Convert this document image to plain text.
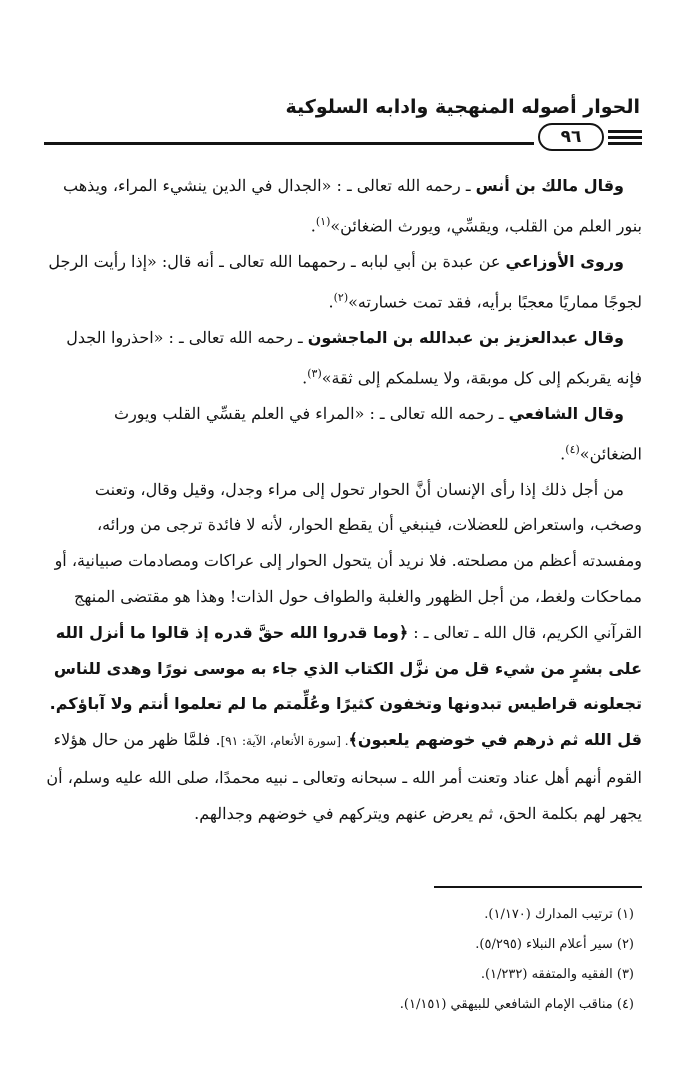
الحوار أصوله المنهجية وادابه السلوكية
٩٦

وقال مالك بن أنس ـ رحمه الله تعالى ـ : «الجدال في الدين ينشيء المراء، ويذهب بنور العلم من القلب، ويقسِّي، ويورث الضغائن»$^{(١)}$.

وروى الأوزاعي عن عبدة بن أبي لبابه ـ رحمهما الله تعالى ـ أنه قال: «إذا رأيت الرجل لجوجًا مماريًا معجبًا برأيه، فقد تمت خسارته»$^{(٢)}$.

وقال عبدالعزيز بن عبدالله بن الماجشون ـ رحمه الله تعالى ـ : «احذروا الجدل فإنه يقربكم إلى كل موبقة، ولا يسلمكم إلى ثقة»$^{(٣)}$.

وقال الشافعي ـ رحمه الله تعالى ـ : «المراء في العلم يقسِّي القلب ويورث الضغائن»$^{(٤)}$.

من أجل ذلك إذا رأى الإنسان أنَّ الحوار تحول إلى مراء وجدل، وقيل وقال، وتعنت وصخب، واستعراض للعضلات، فينبغي أن يقطع الحوار، لأنه لا فائدة ترجى من ورائه، ومفسدته أعظم من مصلحته. فلا نريد أن يتحول الحوار إلى عراكات ومصادمات صبيانية، أو مماحكات ولغط، من أجل الظهور والغلبة والطواف حول الذات! وهذا هو مقتضى المنهج القرآني الكريم، قال الله ـ تعالى ـ : ﴿وما قدروا الله حقَّ قدره إذ قالوا ما أنزل الله على بشرٍ من شيء قل من نزَّل الكتاب الذي جاء به موسى نورًا وهدى للناس تجعلونه قراطيس تبدونها وتخفون كثيرًا وعُلِّمتم ما لم تعلموا أنتم ولا آباؤكم. قل الله ثم ذرهم في خوضهم يلعبون﴾. [سورة الأنعام، الآية: ٩١]. فلمَّا ظهر من حال هؤلاء القوم أنهم أهل عناد وتعنت أمر الله ـ سبحانه وتعالى ـ نبيه محمدًا، صلى الله عليه وسلم، أن يجهر لهم بكلمة الحق، ثم يعرض عنهم ويتركهم في خوضهم وجدالهم.

(١) ترتيب المدارك (١/١٧٠).
(٢) سير أعلام النبلاء (٥/٢٩٥).
(٣) الفقيه والمتفقه (١/٢٣٢).
(٤) مناقب الإمام الشافعي للبيهقي (١/١٥١).
